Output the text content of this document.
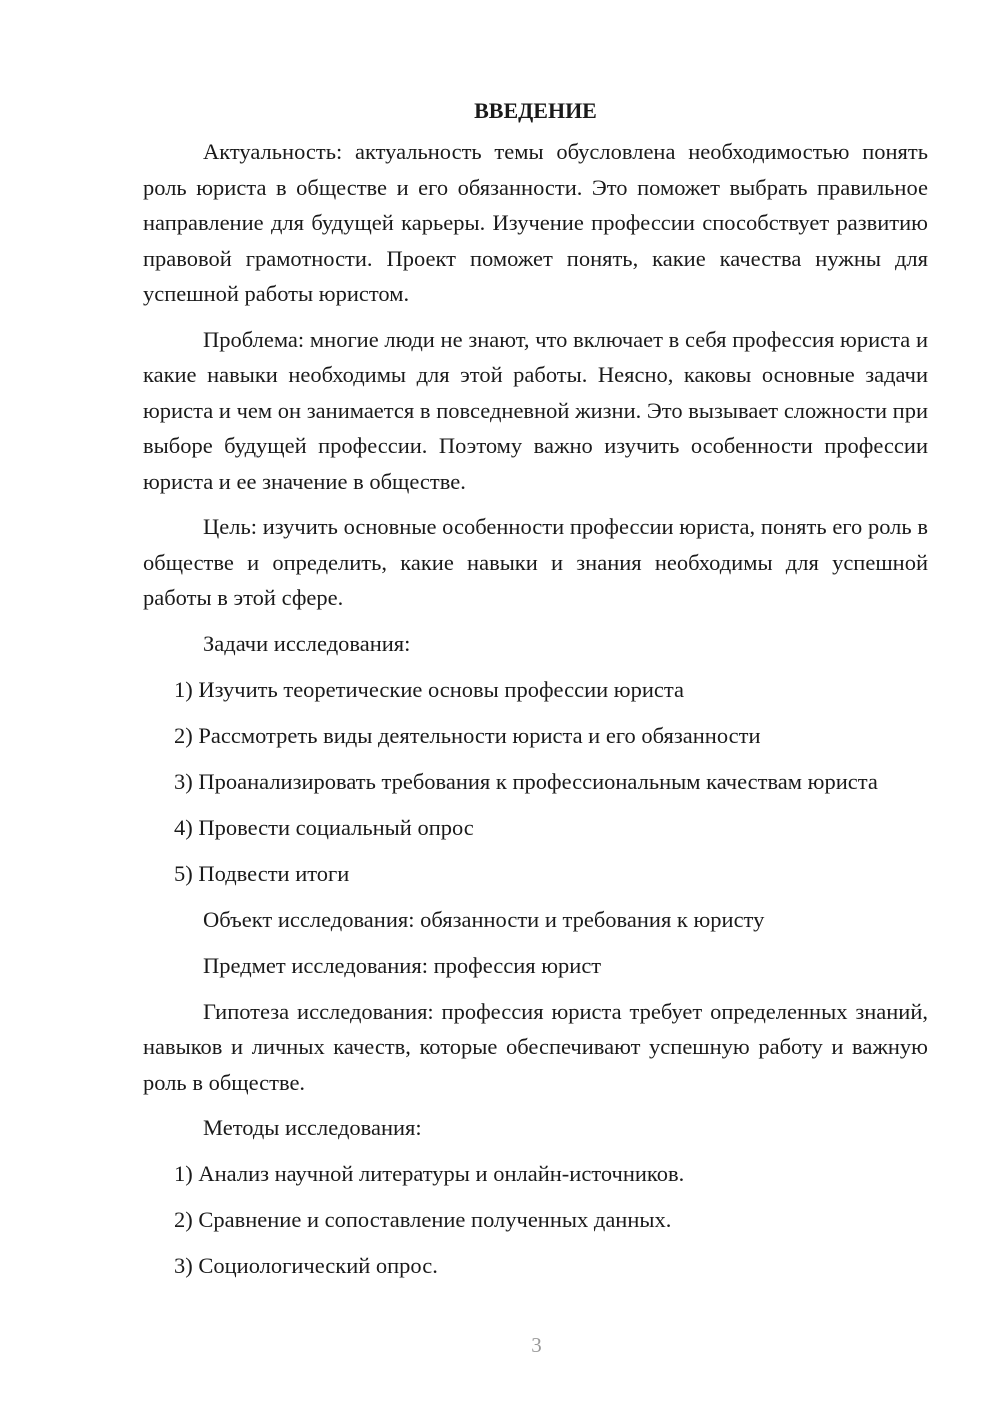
ВВЕДЕНИЕ

Актуальность: актуальность темы обусловлена необходимостью понять роль юриста в обществе и его обязанности. Это поможет выбрать правильное направление для будущей карьеры. Изучение профессии способствует развитию правовой грамотности. Проект поможет понять, какие качества нужны для успешной работы юристом.

Проблема: многие люди не знают, что включает в себя профессия юриста и какие навыки необходимы для этой работы. Неясно, каковы основные задачи юриста и чем он занимается в повседневной жизни. Это вызывает сложности при выборе будущей профессии. Поэтому важно изучить особенности профессии юриста и ее значение в обществе.

Цель: изучить основные особенности профессии юриста, понять его роль в обществе и определить, какие навыки и знания необходимы для успешной работы в этой сфере.

Задачи исследования:

1) Изучить теоретические основы профессии юриста

2) Рассмотреть виды деятельности юриста и его обязанности

3) Проанализировать требования к профессиональным качествам юриста

4) Провести социальный опрос

5) Подвести итоги

Объект исследования: обязанности и требования к юристу

Предмет исследования: профессия юрист

Гипотеза исследования: профессия юриста требует определенных знаний, навыков и личных качеств, которые обеспечивают успешную работу и важную роль в обществе.

Методы исследования:

1) Анализ научной литературы и онлайн-источников.

2) Сравнение и сопоставление полученных данных.

3) Социологический опрос.

3
